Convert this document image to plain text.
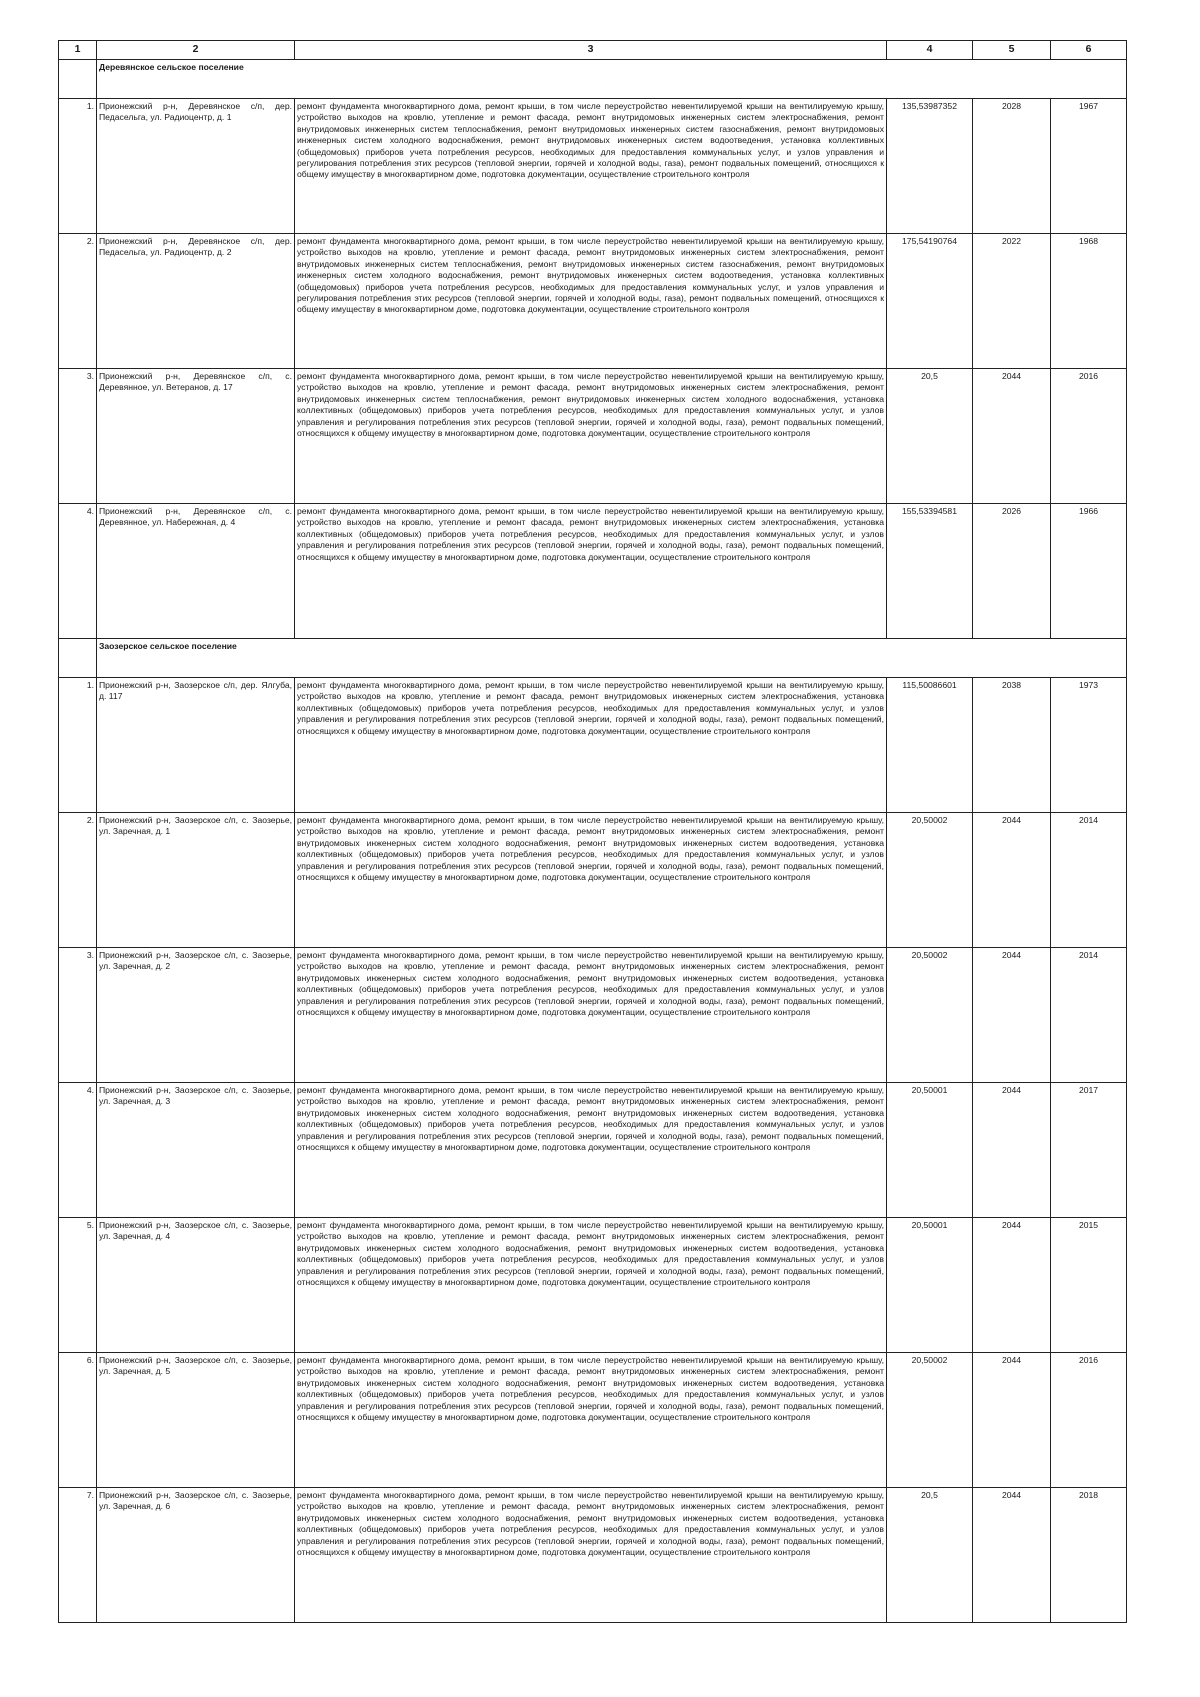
1	2	3	4	5	6
	Деревянское сельское поселение				
1.	Прионежский р-н, Деревянское с/п, дер. Педасельга, ул. Радиоцентр, д. 1	ремонт фундамента многоквартирного дома, ремонт крыши, в том числе переустройство невентилируемой крыши на вентилируемую крышу, устройство выходов на кровлю, утепление и ремонт фасада, ремонт внутридомовых инженерных систем электроснабжения, ремонт внутридомовых инженерных систем теплоснабжения, ремонт внутридомовых инженерных систем газоснабжения, ремонт внутридомовых инженерных систем холодного водоснабжения, ремонт внутридомовых инженерных систем водоотведения, установка коллективных (общедомовых) приборов учета потребления ресурсов, необходимых для предоставления коммунальных услуг, и узлов управления и регулирования потребления этих ресурсов (тепловой энергии, горячей и холодной воды, газа), ремонт подвальных помещений, относящихся к общему имуществу в многоквартирном доме, подготовка документации, осуществление строительного контроля	135,53987352	2028	1967
2.	Прионежский р-н, Деревянское с/п, дер. Педасельга, ул. Радиоцентр, д. 2	ремонт фундамента многоквартирного дома, ремонт крыши, в том числе переустройство невентилируемой крыши на вентилируемую крышу, устройство выходов на кровлю, утепление и ремонт фасада, ремонт внутридомовых инженерных систем электроснабжения, ремонт внутридомовых инженерных систем теплоснабжения, ремонт внутридомовых инженерных систем газоснабжения, ремонт внутридомовых инженерных систем холодного водоснабжения, ремонт внутридомовых инженерных систем водоотведения, установка коллективных (общедомовых) приборов учета потребления ресурсов, необходимых для предоставления коммунальных услуг, и узлов управления и регулирования потребления этих ресурсов (тепловой энергии, горячей и холодной воды, газа), ремонт подвальных помещений, относящихся к общему имуществу в многоквартирном доме, подготовка документации, осуществление строительного контроля	175,54190764	2022	1968
3.	Прионежский р-н, Деревянское с/п, с. Деревянное, ул. Ветеранов, д. 17	ремонт фундамента многоквартирного дома, ремонт крыши, в том числе переустройство невентилируемой крыши на вентилируемую крышу, устройство выходов на кровлю, утепление и ремонт фасада, ремонт внутридомовых инженерных систем электроснабжения, ремонт внутридомовых инженерных систем теплоснабжения, ремонт внутридомовых инженерных систем холодного водоснабжения, установка коллективных (общедомовых) приборов учета потребления ресурсов, необходимых для предоставления коммунальных услуг, и узлов управления и регулирования потребления этих ресурсов (тепловой энергии, горячей и холодной воды, газа), ремонт подвальных помещений, относящихся к общему имуществу в многоквартирном доме, подготовка документации, осуществление строительного контроля	20,5	2044	2016
4.	Прионежский р-н, Деревянское с/п, с. Деревянное, ул. Набережная, д. 4	ремонт фундамента многоквартирного дома, ремонт крыши, в том числе переустройство невентилируемой крыши на вентилируемую крышу, устройство выходов на кровлю, утепление и ремонт фасада, ремонт внутридомовых инженерных систем электроснабжения, установка коллективных (общедомовых) приборов учета потребления ресурсов, необходимых для предоставления коммунальных услуг, и узлов управления и регулирования потребления этих ресурсов (тепловой энергии, горячей и холодной воды, газа), ремонт подвальных помещений, относящихся к общему имуществу в многоквартирном доме, подготовка документации, осуществление строительного контроля	155,53394581	2026	1966
	Заозерское сельское поселение				
1.	Прионежский р-н, Заозерское с/п, дер. Ялгуба, д. 117	ремонт фундамента многоквартирного дома, ремонт крыши, в том числе переустройство невентилируемой крыши на вентилируемую крышу, устройство выходов на кровлю, утепление и ремонт фасада, ремонт внутридомовых инженерных систем электроснабжения, установка коллективных (общедомовых) приборов учета потребления ресурсов, необходимых для предоставления коммунальных услуг, и узлов управления и регулирования потребления этих ресурсов (тепловой энергии, горячей и холодной воды, газа), ремонт подвальных помещений, относящихся к общему имуществу в многоквартирном доме, подготовка документации, осуществление строительного контроля	115,50086601	2038	1973
2.	Прионежский р-н, Заозерское с/п, с. Заозерье, ул. Заречная, д. 1	ремонт фундамента многоквартирного дома, ремонт крыши, в том числе переустройство невентилируемой крыши на вентилируемую крышу, устройство выходов на кровлю, утепление и ремонт фасада, ремонт внутридомовых инженерных систем электроснабжения, ремонт внутридомовых инженерных систем холодного водоснабжения, ремонт внутридомовых инженерных систем водоотведения, установка коллективных (общедомовых) приборов учета потребления ресурсов, необходимых для предоставления коммунальных услуг, и узлов управления и регулирования потребления этих ресурсов (тепловой энергии, горячей и холодной воды, газа), ремонт подвальных помещений, относящихся к общему имуществу в многоквартирном доме, подготовка документации, осуществление строительного контроля	20,50002	2044	2014
3.	Прионежский р-н, Заозерское с/п, с. Заозерье, ул. Заречная, д. 2	ремонт фундамента многоквартирного дома, ремонт крыши, в том числе переустройство невентилируемой крыши на вентилируемую крышу, устройство выходов на кровлю, утепление и ремонт фасада, ремонт внутридомовых инженерных систем электроснабжения, ремонт внутридомовых инженерных систем холодного водоснабжения, ремонт внутридомовых инженерных систем водоотведения, установка коллективных (общедомовых) приборов учета потребления ресурсов, необходимых для предоставления коммунальных услуг, и узлов управления и регулирования потребления этих ресурсов (тепловой энергии, горячей и холодной воды, газа), ремонт подвальных помещений, относящихся к общему имуществу в многоквартирном доме, подготовка документации, осуществление строительного контроля	20,50002	2044	2014
4.	Прионежский р-н, Заозерское с/п, с. Заозерье, ул. Заречная, д. 3	ремонт фундамента многоквартирного дома, ремонт крыши, в том числе переустройство невентилируемой крыши на вентилируемую крышу, устройство выходов на кровлю, утепление и ремонт фасада, ремонт внутридомовых инженерных систем электроснабжения, ремонт внутридомовых инженерных систем холодного водоснабжения, ремонт внутридомовых инженерных систем водоотведения, установка коллективных (общедомовых) приборов учета потребления ресурсов, необходимых для предоставления коммунальных услуг, и узлов управления и регулирования потребления этих ресурсов (тепловой энергии, горячей и холодной воды, газа), ремонт подвальных помещений, относящихся к общему имуществу в многоквартирном доме, подготовка документации, осуществление строительного контроля	20,50001	2044	2017
5.	Прионежский р-н, Заозерское с/п, с. Заозерье, ул. Заречная, д. 4	ремонт фундамента многоквартирного дома, ремонт крыши, в том числе переустройство невентилируемой крыши на вентилируемую крышу, устройство выходов на кровлю, утепление и ремонт фасада, ремонт внутридомовых инженерных систем электроснабжения, ремонт внутридомовых инженерных систем холодного водоснабжения, ремонт внутридомовых инженерных систем водоотведения, установка коллективных (общедомовых) приборов учета потребления ресурсов, необходимых для предоставления коммунальных услуг, и узлов управления и регулирования потребления этих ресурсов (тепловой энергии, горячей и холодной воды, газа), ремонт подвальных помещений, относящихся к общему имуществу в многоквартирном доме, подготовка документации, осуществление строительного контроля	20,50001	2044	2015
6.	Прионежский р-н, Заозерское с/п, с. Заозерье, ул. Заречная, д. 5	ремонт фундамента многоквартирного дома, ремонт крыши, в том числе переустройство невентилируемой крыши на вентилируемую крышу, устройство выходов на кровлю, утепление и ремонт фасада, ремонт внутридомовых инженерных систем электроснабжения, ремонт внутридомовых инженерных систем холодного водоснабжения, ремонт внутридомовых инженерных систем водоотведения, установка коллективных (общедомовых) приборов учета потребления ресурсов, необходимых для предоставления коммунальных услуг, и узлов управления и регулирования потребления этих ресурсов (тепловой энергии, горячей и холодной воды, газа), ремонт подвальных помещений, относящихся к общему имуществу в многоквартирном доме, подготовка документации, осуществление строительного контроля	20,50002	2044	2016
7.	Прионежский р-н, Заозерское с/п, с. Заозерье, ул. Заречная, д. 6	ремонт фундамента многоквартирного дома, ремонт крыши, в том числе переустройство невентилируемой крыши на вентилируемую крышу, устройство выходов на кровлю, утепление и ремонт фасада, ремонт внутридомовых инженерных систем электроснабжения, ремонт внутридомовых инженерных систем холодного водоснабжения, ремонт внутридомовых инженерных систем водоотведения, установка коллективных (общедомовых) приборов учета потребления ресурсов, необходимых для предоставления коммунальных услуг, и узлов управления и регулирования потребления этих ресурсов (тепловой энергии, горячей и холодной воды, газа), ремонт подвальных помещений, относящихся к общему имуществу в многоквартирном доме, подготовка документации, осуществление строительного контроля	20,5	2044	2018
